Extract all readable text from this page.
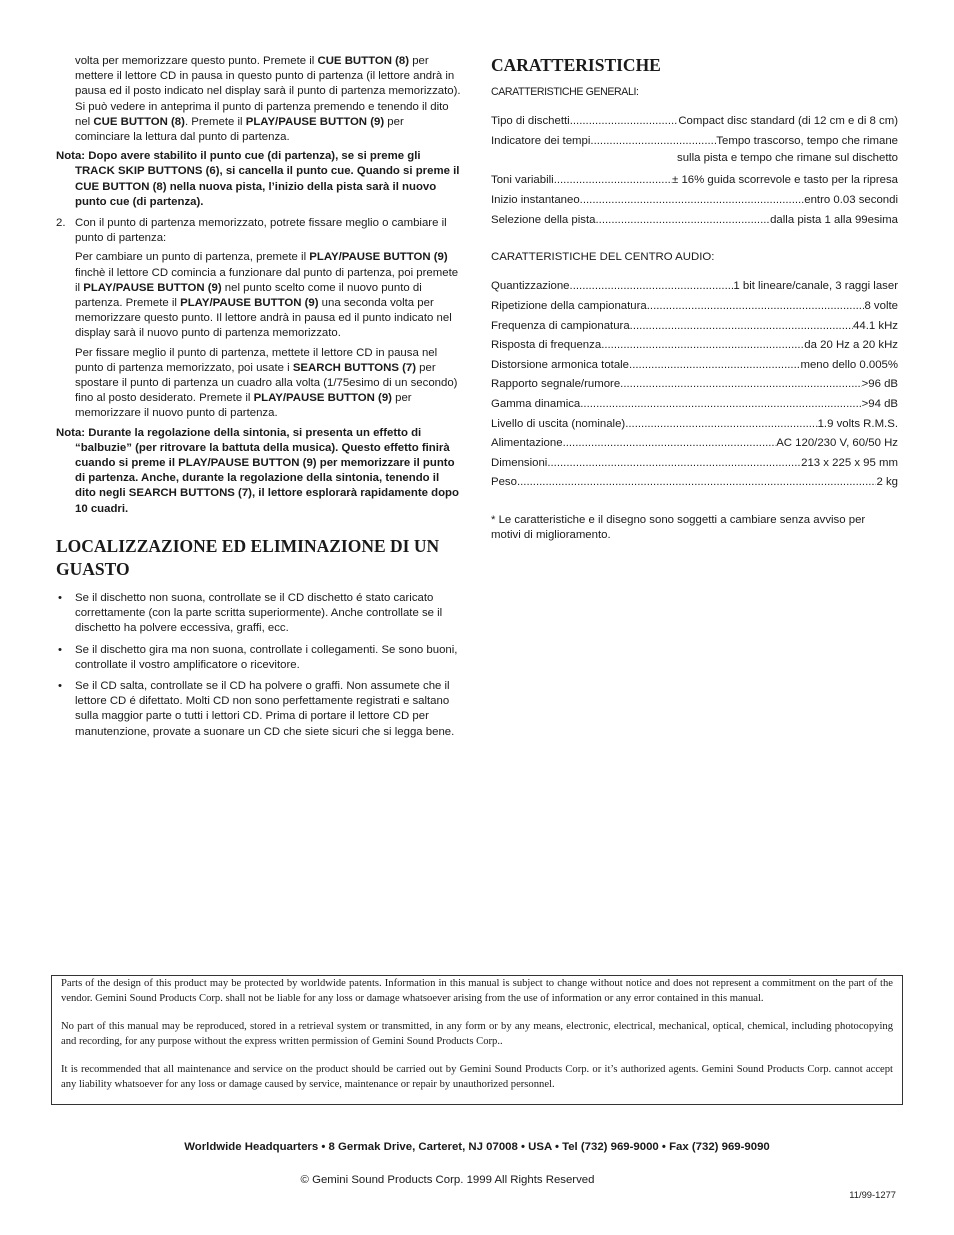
volta per memorizzare questo punto. Premete il CUE BUTTON (8) per mettere il lettore CD in pausa in questo punto di partenza (il lettore andrà in pausa ed il posto indicato nel display sarà il punto di partenza memorizzato). Si può vedere in anteprima il punto di partenza premendo e tenendo il dito nel CUE BUTTON (8). Premete il PLAY/PAUSE BUTTON (9) per cominciare la lettura dal punto di partenza.

Nota: Dopo avere stabilito il punto cue (di partenza), se si preme gli TRACK SKIP BUTTONS (6), si cancella il punto cue. Quando si preme il CUE BUTTON (8) nella nuova pista, l’inizio della pista sarà il nuovo punto cue (di partenza).

2. Con il punto di partenza memorizzato, potrete fissare meglio o cambiare il punto di partenza:

Per cambiare un punto di partenza, premete il PLAY/PAUSE BUTTON (9) finchè il lettore CD comincia a funzionare dal punto di partenza, poi premete il PLAY/PAUSE BUTTON (9) nel punto scelto come il nuovo punto di partenza. Premete il PLAY/PAUSE BUTTON (9) una seconda volta per memorizzare questo punto. Il lettore andrà in pausa ed il punto indicato nel display sarà il nuovo punto di partenza memorizzato.

Per fissare meglio il punto di partenza, mettete il lettore CD in pausa nel punto di partenza memorizzato, poi usate i SEARCH BUTTONS (7) per spostare il punto di partenza un cuadro alla volta (1/75esimo di un secondo) fino al posto desiderato. Premete il PLAY/PAUSE BUTTON (9) per memorizzare il nuovo punto di partenza.

Nota: Durante la regolazione della sintonia, si presenta un effetto di “balbuzie” (per ritrovare la battuta della musica). Questo effetto finirà cuando si preme il PLAY/PAUSE BUTTON (9) per memorizzare il punto di partenza. Anche, durante la regolazione della sintonia, tenendo il dito negli SEARCH BUTTONS (7), il lettore esplorarà rapidamente dopo 10 cuadri.

LOCALIZZAZIONE ED ELIMINAZIONE DI UN GUASTO
• Se il dischetto non suona, controllate se il CD dischetto é stato caricato correttamente (con la parte scritta superiormente). Anche controllate se il dischetto ha polvere eccessiva, graffi, ecc.
• Se il dischetto gira ma non suona, controllate i collegamenti. Se sono buoni, controllate il vostro amplificatore o ricevitore.
• Se il CD salta, controllate se il CD ha polvere o graffi. Non assumete che il lettore CD é difettato. Molti CD non sono perfettamente registrati e saltano sulla maggior parte o tutti i lettori CD. Prima di portare il lettore CD per manutenzione, provate a suonare un CD che siete sicuri che si legga bene.
CARATTERISTICHE
CARATTERISTICHE GENERALI:
Tipo di dischetti .....	Compact disc standard (di 12 cm e di 8 cm)
Indicatore dei tempi .....	Tempo trascorso, tempo che rimane
sulla pista e tempo che rimane sul dischetto
Toni variabili .....	± 16% guida scorrevole e tasto per la ripresa
Inizio instantaneo .....	entro 0.03 secondi
Selezione della pista .....	dalla pista 1 alla 99esima
CARATTERISTICHE DEL CENTRO AUDIO:
Quantizzazione .....	1 bit lineare/canale, 3 raggi laser
Ripetizione della campionatura .....	8 volte
Frequenza di campionatura .....	44.1 kHz
Risposta di frequenza .....	da 20 Hz a 20 kHz
Distorsione armonica totale .....	meno dello 0.005%
Rapporto segnale/rumore .....	>96 dB
Gamma dinamica .....	>94 dB
Livello di uscita (nominale) .....	1.9 volts R.M.S.
Alimentazione .....	AC 120/230 V, 60/50 Hz
Dimensioni .....	213 x 225 x 95 mm
Peso .....	2 kg

* Le caratteristiche e il disegno sono soggetti a cambiare senza avviso per motivi di miglioramento.

Parts of the design of this product may be protected by worldwide patents. Information in this manual is subject to change without notice and does not represent a commitment on the part of the vendor. Gemini Sound Products Corp. shall not be liable for any loss or damage whatsoever arising from the use of information or any error contained in this manual.

No part of this manual may be reproduced, stored in a retrieval system or transmitted, in any form or by any means, electronic, electrical, mechanical, optical, chemical, including photocopying and recording, for any purpose without the express written permission of Gemini Sound Products Corp..

It is recommended that all maintenance and service on the product should be carried out by Gemini Sound Products Corp. or it’s authorized agents. Gemini Sound Products Corp. cannot accept any liability whatsoever for any loss or damage caused by service, maintenance or repair by unauthorized personnel.

Worldwide Headquarters • 8 Germak Drive, Carteret, NJ 07008 • USA • Tel (732) 969-9000 • Fax (732) 969-9090
© Gemini Sound Products Corp. 1999 All Rights Reserved
11/99-1277
